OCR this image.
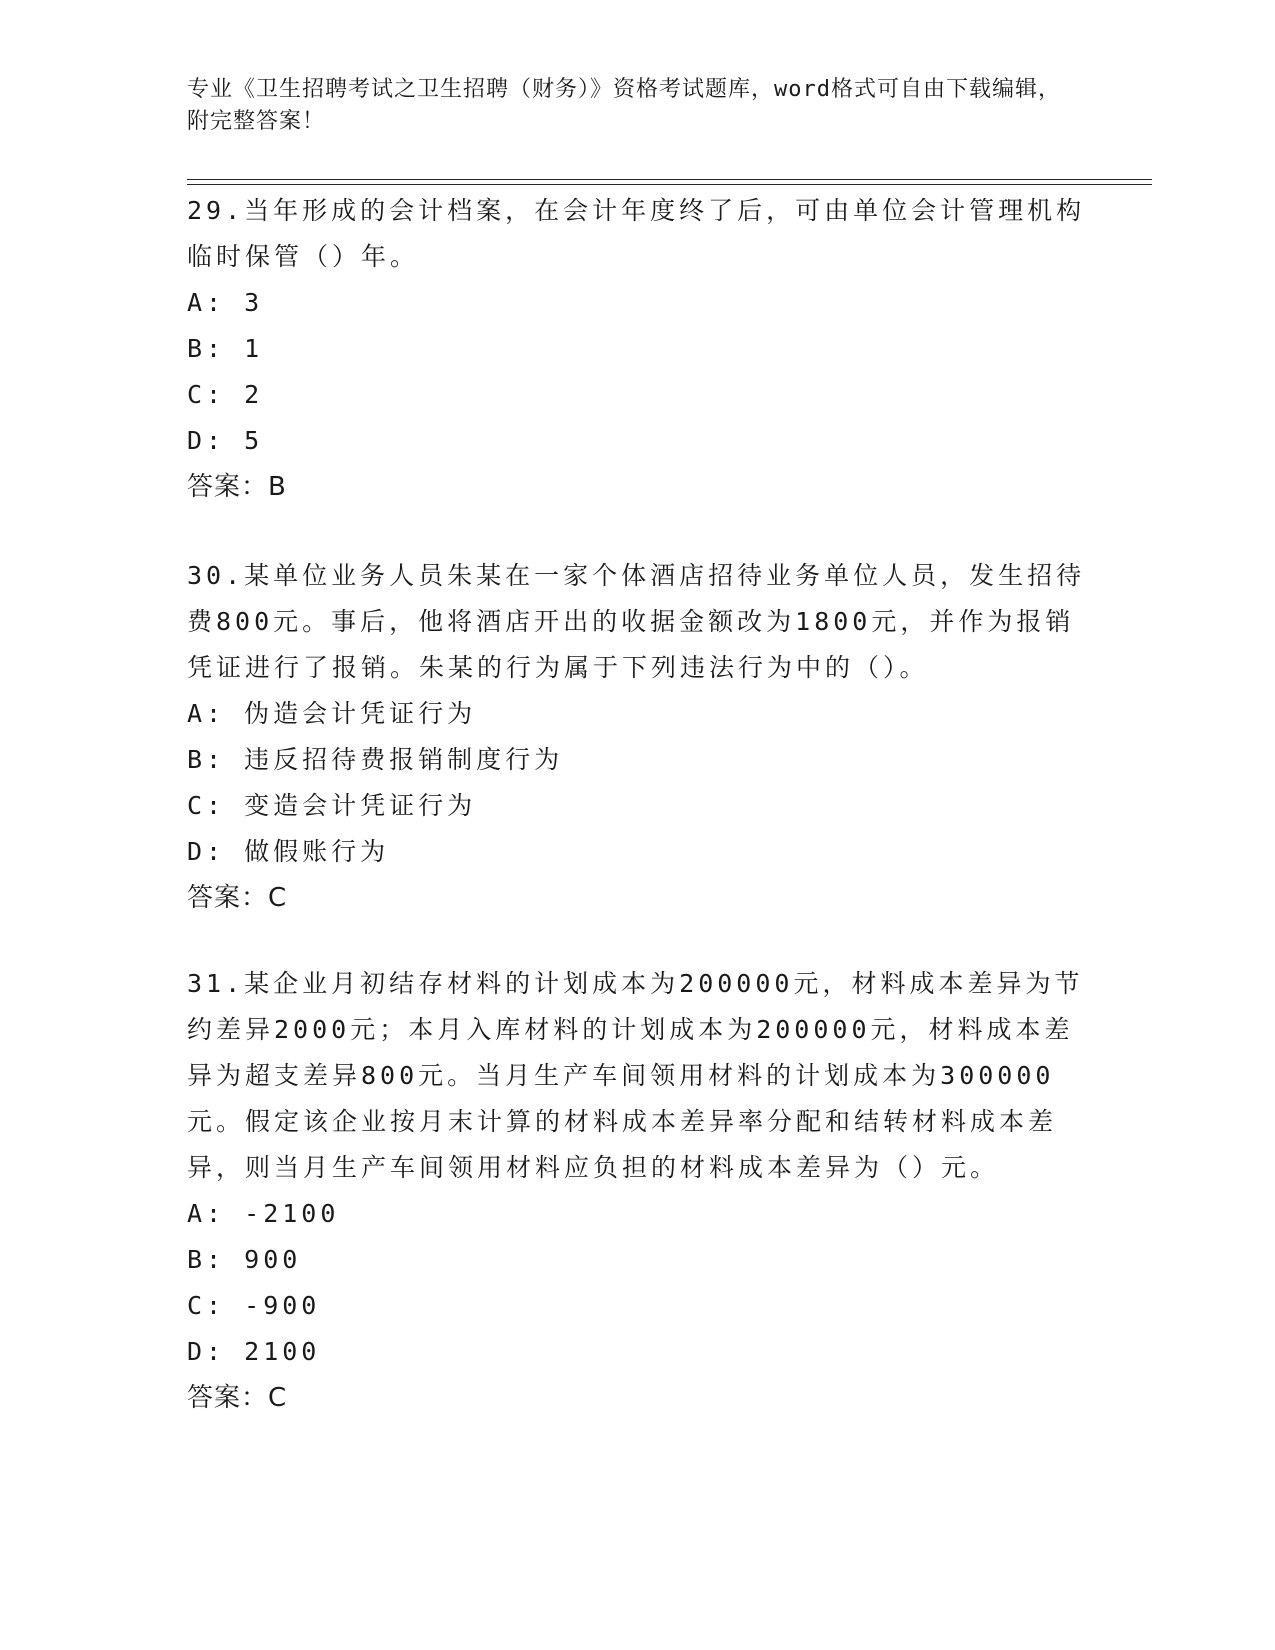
专业《卫生招聘考试之卫生招聘（财务）》资格考试题库，word格式可自由下载编辑，附完整答案！

29.当年形成的会计档案，在会计年度终了后，可由单位会计管理机构临时保管（）年。

A: 3
B: 1
C: 2
D: 5
答案：B

30.某单位业务人员朱某在一家个体酒店招待业务单位人员，发生招待费800元。事后，他将酒店开出的收据金额改为1800元，并作为报销凭证进行了报销。朱某的行为属于下列违法行为中的（）。

A: 伪造会计凭证行为
B: 违反招待费报销制度行为
C: 变造会计凭证行为
D: 做假账行为
答案：C

31.某企业月初结存材料的计划成本为200000元，材料成本差异为节约差异2000元；本月入库材料的计划成本为200000元，材料成本差异为超支差异800元。当月生产车间领用材料的计划成本为300000元。假定该企业按月末计算的材料成本差异率分配和结转材料成本差异，则当月生产车间领用材料应负担的材料成本差异为（）元。

A: -2100
B: 900
C: -900
D: 2100
答案：C
